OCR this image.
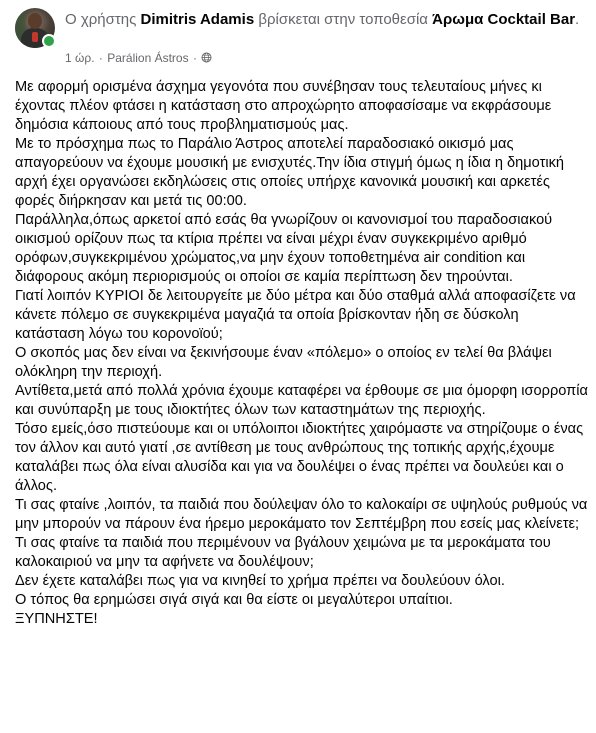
Ο χρήστης Dimitris Adamis βρίσκεται στην τοποθεσία Άρωμα Cocktail Bar.
1 ώρ. · Parálion Ástros ·

Με αφορμή ορισμένα άσχημα γεγονότα που συνέβησαν τους τελευταίους μήνες κι έχοντας πλέον φτάσει η κατάσταση στο απροχώρητο αποφασίσαμε να εκφράσουμε δημόσια κάποιους από τους προβληματισμούς μας.

Με το πρόσχημα πως το Παράλιο Άστρος αποτελεί παραδοσιακό οικισμό μας απαγορεύουν να έχουμε μουσική με ενισχυτές.Την ίδια στιγμή όμως η ίδια η δημοτική αρχή έχει οργανώσει εκδηλώσεις στις οποίες υπήρχε κανονικά μουσική και αρκετές φορές διήρκησαν και μετά τις 00:00.

Παράλληλα,όπως αρκετοί από εσάς θα γνωρίζουν οι κανονισμοί του παραδοσιακού οικισμού ορίζουν πως τα κτίρια πρέπει να είναι μέχρι έναν συγκεκριμένο αριθμό ορόφων,συγκεκριμένου χρώματος,να μην έχουν τοποθετημένα air condition και διάφορους ακόμη περιορισμούς οι οποίοι σε καμία περίπτωση δεν τηρούνται.

Γιατί λοιπόν ΚΥΡΙΟΙ δε λειτουργείτε με δύο μέτρα και δύο σταθμά αλλά αποφασίζετε να κάνετε πόλεμο σε συγκεκριμένα μαγαζιά τα οποία βρίσκονταν ήδη σε δύσκολη κατάσταση λόγω του κορονοϊού;

Ο σκοπός μας δεν είναι να ξεκινήσουμε έναν «πόλεμο» ο οποίος εν τελεί θα βλάψει ολόκληρη την περιοχή.

Αντίθετα,μετά από πολλά χρόνια έχουμε καταφέρει να έρθουμε σε μια όμορφη ισορροπία και συνύπαρξη με τους ιδιοκτήτες όλων των καταστημάτων της περιοχής.

Τόσο εμείς,όσο πιστεύουμε και οι υπόλοιποι ιδιοκτήτες χαιρόμαστε να στηρίζουμε ο ένας τον άλλον και αυτό γιατί ,σε αντίθεση με τους ανθρώπους της τοπικής αρχής,έχουμε καταλάβει πως όλα είναι αλυσίδα και για να δουλέψει ο ένας πρέπει να δουλεύει και ο άλλος.

Τι σας φταίνε ,λοιπόν, τα παιδιά που δούλεψαν όλο το καλοκαίρι σε υψηλούς ρυθμούς να μην μπορούν να πάρουν ένα ήρεμο μεροκάματο τον Σεπτέμβρη που εσείς μας κλείνετε;

Τι σας φταίνε τα παιδιά που περιμένουν να βγάλουν χειμώνα με τα μεροκάματα του καλοκαιριού να μην τα αφήνετε να δουλέψουν;

Δεν έχετε καταλάβει πως για να κινηθεί το χρήμα πρέπει να δουλεύουν όλοι.

Ο τόπος θα ερημώσει σιγά σιγά και θα είστε οι μεγαλύτεροι υπαίτιοι.

ΞΥΠΝΗΣΤΕ!
